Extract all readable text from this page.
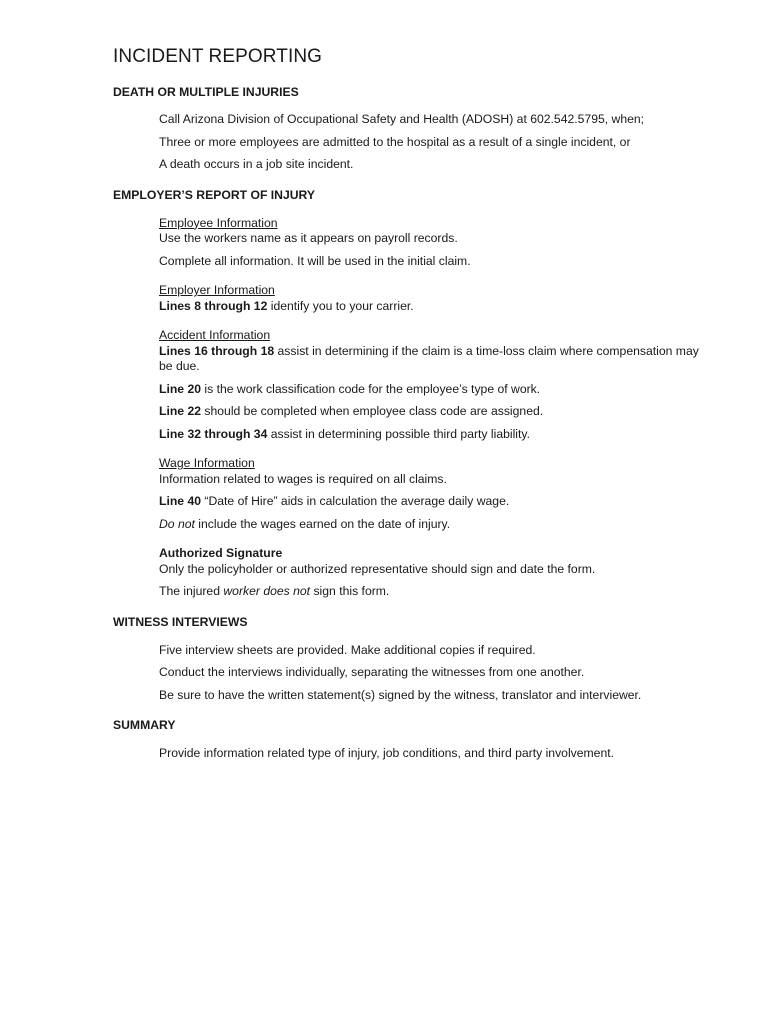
INCIDENT REPORTING
DEATH OR MULTIPLE INJURIES

Call Arizona Division of Occupational Safety and Health (ADOSH) at 602.542.5795, when;

Three or more employees are admitted to the hospital as a result of a single incident, or

A death occurs in a job site incident.

EMPLOYER’S REPORT OF INJURY

Employee Information

Use the workers name as it appears on payroll records.

Complete all information. It will be used in the initial claim.

Employer Information

Lines 8 through 12 identify you to your carrier.

Accident Information

Lines 16 through 18 assist in determining if the claim is a time-loss claim where compensation may be due.

Line 20 is the work classification code for the employee’s type of work.

Line 22 should be completed when employee class code are assigned.

Line 32 through 34 assist in determining possible third party liability.

Wage Information

Information related to wages is required on all claims.

Line 40 “Date of Hire” aids in calculation the average daily wage.

Do not include the wages earned on the date of injury.

Authorized Signature

Only the policyholder or authorized representative should sign and date the form.

The injured worker does not sign this form.

WITNESS INTERVIEWS

Five interview sheets are provided. Make additional copies if required.

Conduct the interviews individually, separating the witnesses from one another.

Be sure to have the written statement(s) signed by the witness, translator and interviewer.

SUMMARY

Provide information related type of injury, job conditions, and third party involvement.
